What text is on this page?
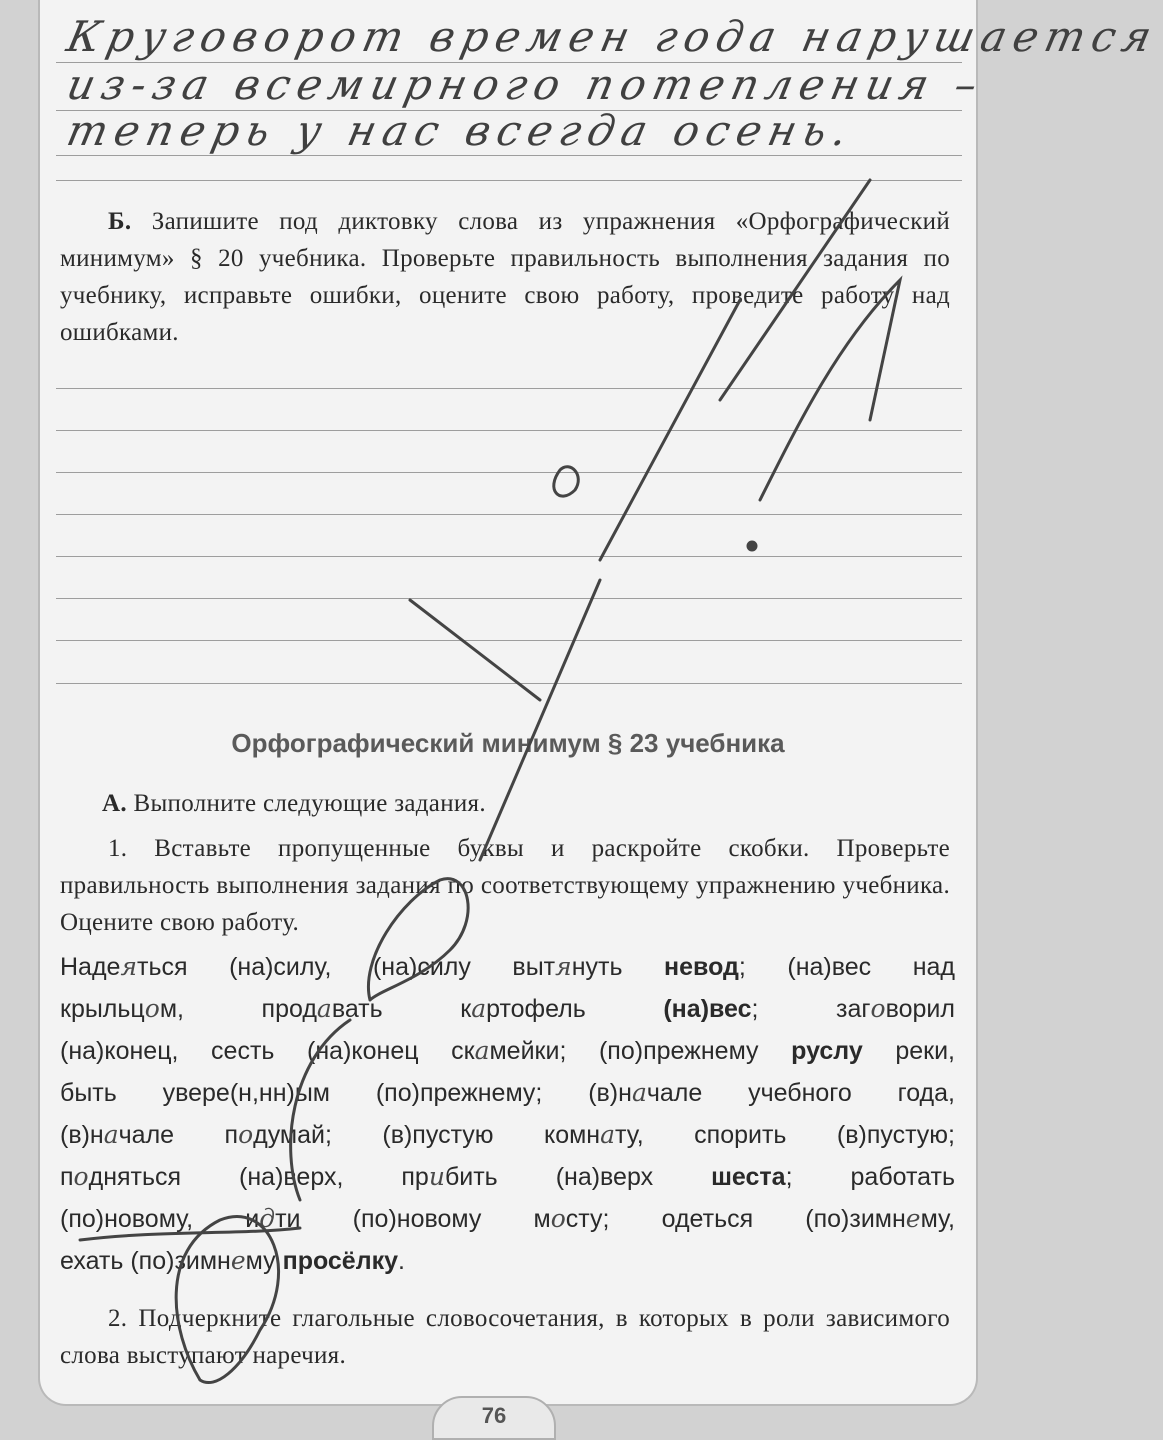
Круговорот времен года нарушается
из-за всемирного потепления –
теперь у нас всегда осень.
Б. Запишите под диктовку слова из упражнения «Орфографический минимум» § 20 учебника. Проверьте правильность выполнения задания по учебнику, исправьте ошибки, оцените свою работу, проведите работу над ошибками.
Орфографический минимум § 23 учебника
А. Выполните следующие задания.
1. Вставьте пропущенные буквы и раскройте скобки. Проверьте правильность выполнения задания по соответствующему упражнению учебника. Оцените свою работу.
Надеяться (на)силу, (на)силу вытянуть невод; (на)вес над
крыльцом, продавать картофель (на)вес; заговорил
(на)конец, сесть (на)конец скамейки; (по)прежнему руслу реки,
быть увере(н,нн)ым (по)прежнему; (в)начале учебного года,
(в)начале подумай; (в)пустую комнату, спорить (в)пустую;
подняться (на)верх, прибить (на)верх шеста; работать
(по)новому, идти (по)новому мосту; одеться (по)зимнему,
ехать (по)зимнему просёлку.
2. Подчеркните глагольные словосочетания, в которых в роли зависимого слова выступают наречия.
76
